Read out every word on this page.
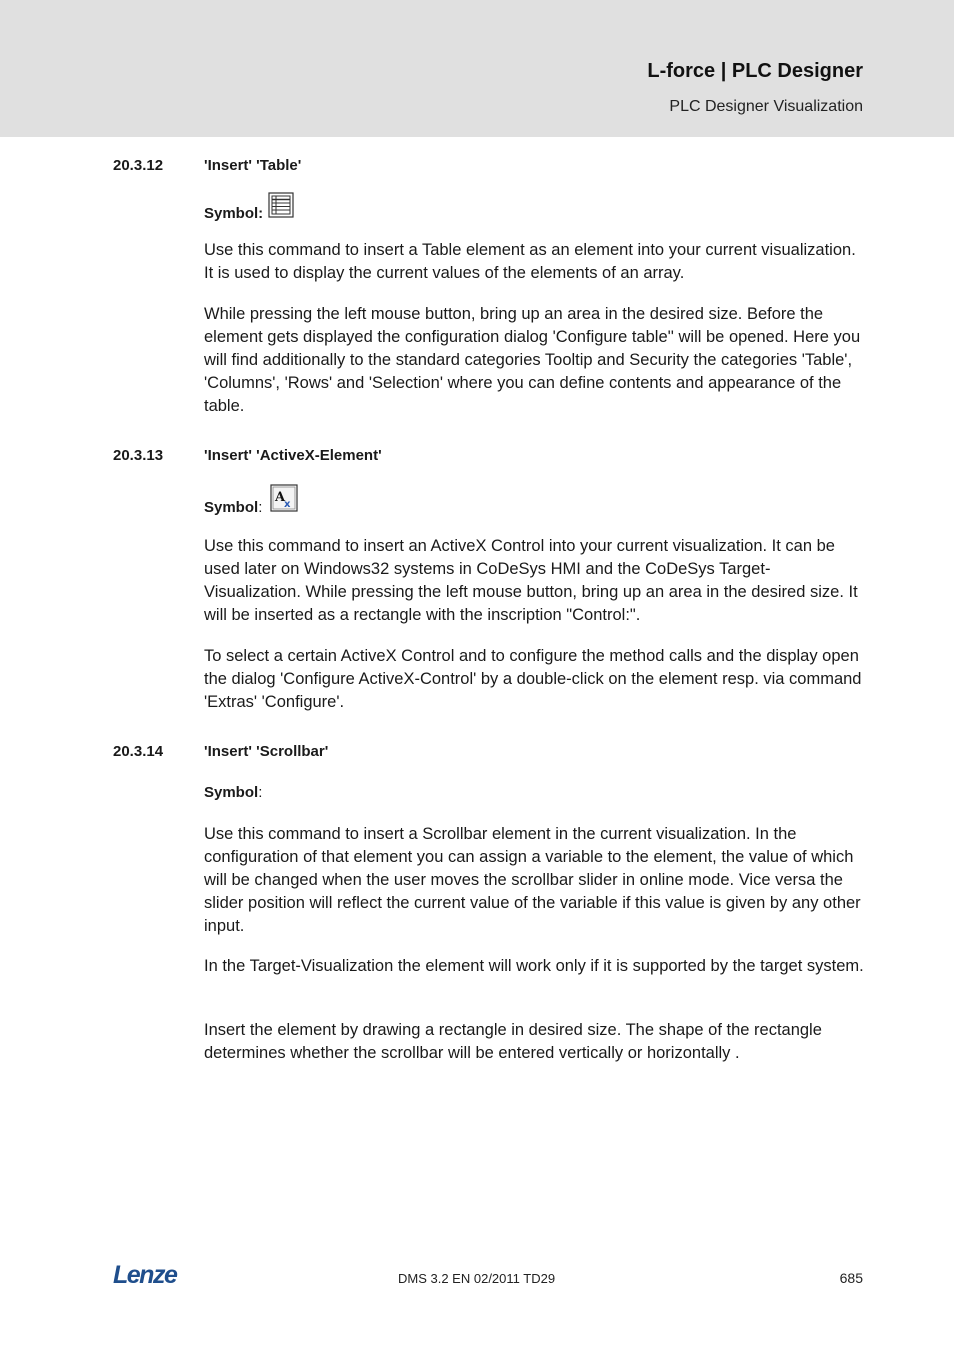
L-force | PLC Designer
PLC Designer Visualization
20.3.12	'Insert' 'Table'
Symbol:

Use this command to insert a Table element as an element into your current visualization. It is used to display the current values of the elements of an array.

While pressing the left mouse button, bring up an area in the desired size. Before the element gets displayed the configuration dialog 'Configure table'' will be opened. Here you will find additionally to the standard categories Tooltip and Security the categories 'Table', 'Columns', 'Rows' and 'Selection' where you can define contents and appearance of the table.

20.3.13	'Insert' 'ActiveX-Element'
Symbol :
A
x

Use this command to insert an ActiveX Control into your current visualization. It can be used later on Windows32 systems in CoDeSys HMI and the CoDeSys Target-Visualization. While pressing the left mouse button, bring up an area in the desired size. It will be inserted as a rectangle with the inscription "Control:".

To select a certain ActiveX Control and to configure the method calls and the display open the dialog 'Configure ActiveX-Control' by a double-click on the element resp. via command 'Extras' 'Configure'.

20.3.14	'Insert' 'Scrollbar'
Symbol :

Use this command to insert a Scrollbar element in the current visualization. In the configuration of that element you can assign a variable to the element, the value of which will be changed when the user moves the scrollbar slider in online mode. Vice versa the slider position will reflect the current value of the variable if this value is given by any other input.

In the Target-Visualization the element will work only if it is supported by the target system.

Insert the element by drawing a rectangle in desired size. The shape of the rectangle determines whether the scrollbar will be entered vertically or horizontally .

Lenze	DMS 3.2 EN 02/2011 TD29	685
